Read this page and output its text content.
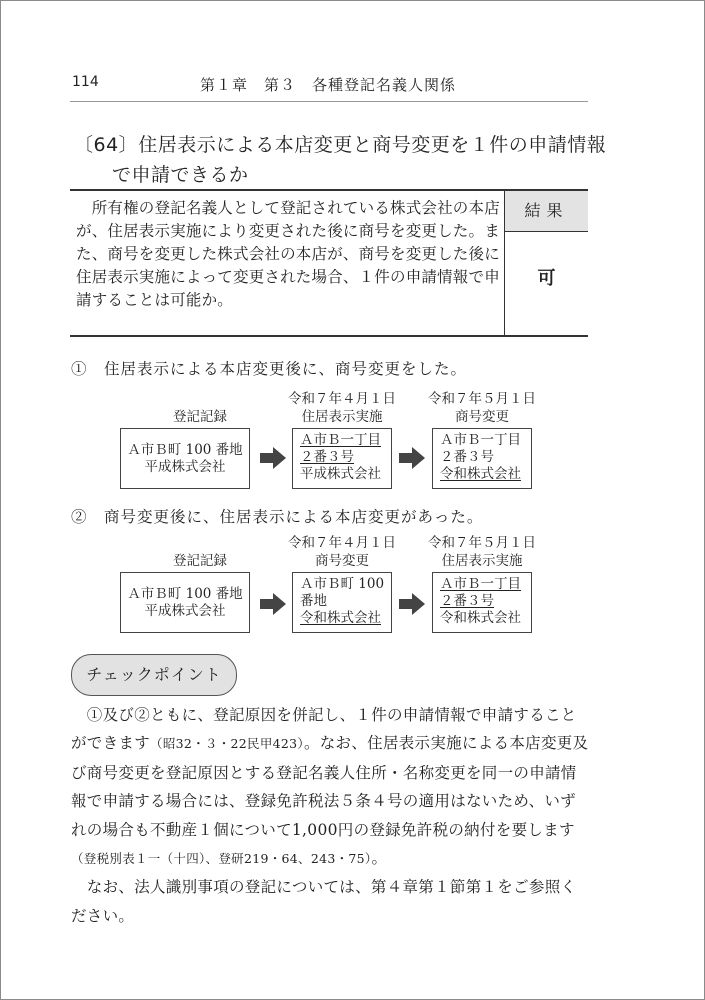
114	第１章　第３　各種登記名義人関係
〔64〕住居表示による本店変更と商号変更を１件の申請情報
で申請できるか
　所有権の登記名義人として登記されている株式会社の本店が、住居表示実施により変更された後に商号を変更した。また、商号を変更した株式会社の本店が、商号を変更した後に住居表示実施によって変更された場合、１件の申請情報で申請することは可能か。
結果
可
①　住居表示による本店変更後に、商号変更をした。
登記記録
令和７年４月１日
住居表示実施
令和７年５月１日
商号変更
Ａ市Ｂ町 100 番地
平成株式会社
Ａ市Ｂ一丁目
２番３号
平成株式会社
Ａ市Ｂ一丁目
２番３号
令和株式会社
②　商号変更後に、住居表示による本店変更があった。
登記記録
令和７年４月１日
商号変更
令和７年５月１日
住居表示実施
Ａ市Ｂ町 100 番地
平成株式会社
Ａ市Ｂ町 100
番地
令和株式会社
Ａ市Ｂ一丁目
２番３号
令和株式会社
チェックポイント

　①及び②ともに、登記原因を併記し、１件の申請情報で申請することができます（昭32・３・22民甲423）。なお、住居表示実施による本店変更及び商号変更を登記原因とする登記名義人住所・名称変更を同一の申請情報で申請する場合には、登録免許税法５条４号の適用はないため、いずれの場合も不動産１個について1,000円の登録免許税の納付を要します（登税別表１一（十四）、登研219・64、243・75）。

　なお、法人識別事項の登記については、第４章第１節第１をご参照ください。
